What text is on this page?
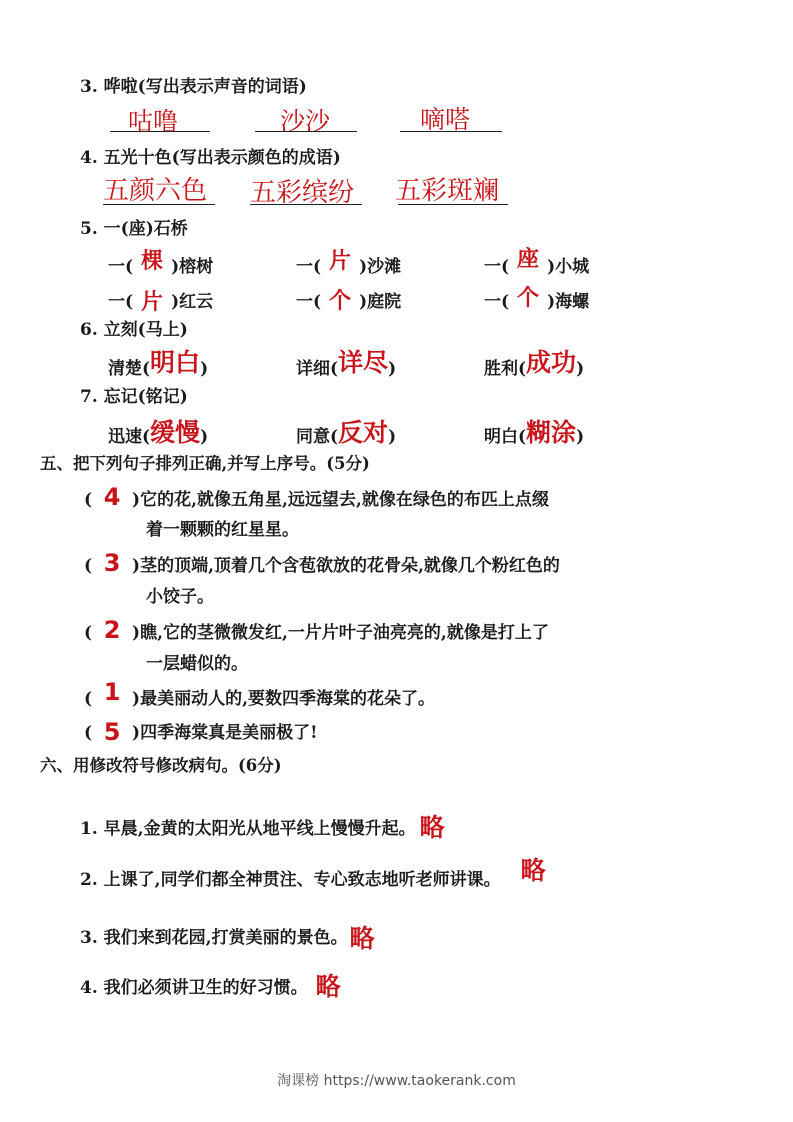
3. 哗啦(写出表示声音的词语)
咕噜	沙沙	嘀嗒
4. 五光十色(写出表示颜色的成语)
五颜六色 五彩缤纷 五彩斑斓
5. 一(座)石桥
一( 棵 )榕树	一( 片 )沙滩	一( 座 )小城
一( 片 )红云	一( 个 )庭院	一( 个 )海螺
6. 立刻(马上)
清楚(明白)	详细(详尽)	胜利(成功)
7. 忘记(铭记)
迅速(缓慢)	同意(反对)	明白(糊涂)
五、把下列句子排列正确,并写上序号。(5分)
( 4 )它的花,就像五角星,远远望去,就像在绿色的布匹上点缀
着一颗颗的红星星。
( 3 )茎的顶端,顶着几个含苞欲放的花骨朵,就像几个粉红色的
小饺子。
( 2 )瞧,它的茎微微发红,一片片叶子油亮亮的,就像是打上了
一层蜡似的。
( 1 )最美丽动人的,要数四季海棠的花朵了。
( 5 )四季海棠真是美丽极了!
六、用修改符号修改病句。(6分)
1. 早晨,金黄的太阳光从地平线上慢慢升起。 略
2. 上课了,同学们都全神贯注、专心致志地听老师讲课。 略
3. 我们来到花园,打赏美丽的景色。略
4. 我们必须讲卫生的好习惯。 略
淘课榜 https://www.taokerank.com
